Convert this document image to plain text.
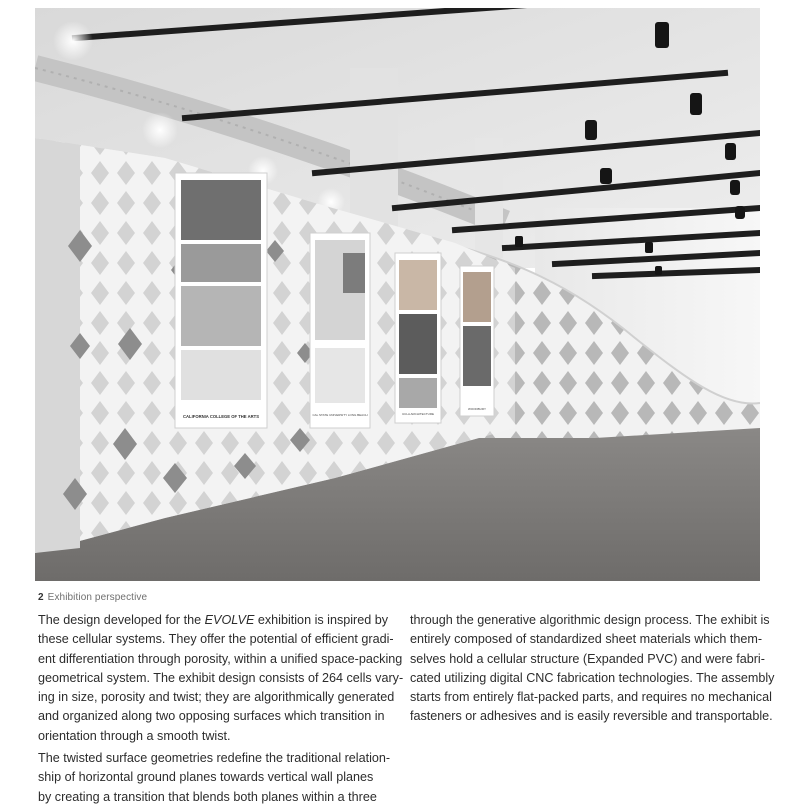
CALIFORNIA COLLEGE OF THE ARTS	CAL STATE UNIVERSITY LONG BEACH	UCLA ARCHITECTURE
WOODBURY
2 Exhibition perspective
The design developed for the EVOLVE exhibition is inspired by
these cellular systems. They offer the potential of efficient gradi-
ent differentiation through porosity, within a unified space-packing
geometrical system. The exhibit design consists of 264 cells vary-
ing in size, porosity and twist; they are algorithmically generated
and organized along two opposing surfaces which transition in
orientation through a smooth twist.
The twisted surface geometries redefine the traditional relation-
ship of horizontal ground planes towards vertical wall planes
by creating a transition that blends both planes within a three
through the generative algorithmic design process. The exhibit is
entirely composed of standardized sheet materials which them-
selves hold a cellular structure (Expanded PVC) and were fabri-
cated utilizing digital CNC fabrication technologies. The assembly
starts from entirely flat-packed parts, and requires no mechanical
fasteners or adhesives and is easily reversible and transportable.
